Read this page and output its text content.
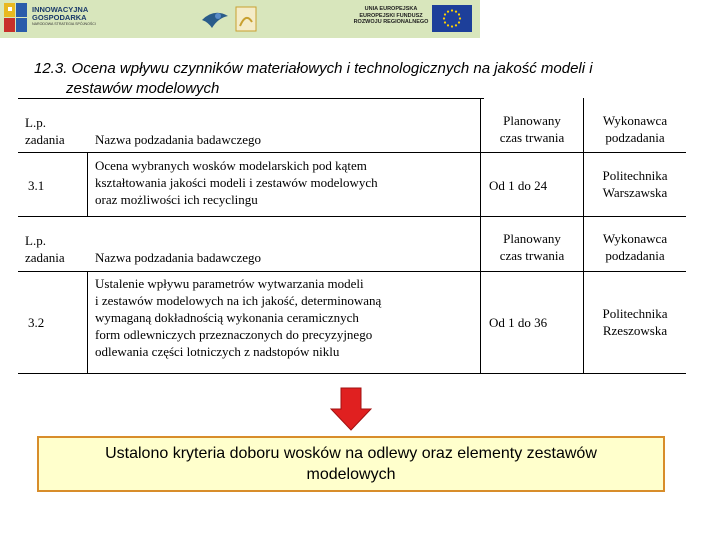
INNOWACYJNA
GOSPODARKA
NARODOWA STRATEGIA SPÓJNOŚCI
UNIA EUROPEJSKA
EUROPEJSKI FUNDUSZ
ROZWOJU REGIONALNEGO
12.3. Ocena wpływu czynników materiałowych i technologicznych na jakość modeli i
zestawów modelowych
L.p.
zadania Nazwa podzadania badawczego
Planowany
czas trwania
Wykonawca
podzadania
3.1
Ocena wybranych wosków modelarskich pod kątem
kształtowania jakości modeli i zestawów modelowych
oraz możliwości ich recyclingu
Od 1 do 24
Politechnika
Warszawska
L.p.
zadania Nazwa podzadania badawczego
Planowany
czas trwania
Wykonawca
podzadania
3.2
Ustalenie wpływu parametrów wytwarzania modeli
i zestawów modelowych na ich jakość, determinowaną
wymaganą dokładnością wykonania ceramicznych
form odlewniczych przeznaczonych do precyzyjnego
odlewania części lotniczych z nadstopów niklu
Od 1 do 36
Politechnika
Rzeszowska
Ustalono kryteria doboru wosków na odlewy oraz elementy zestawów
modelowych
